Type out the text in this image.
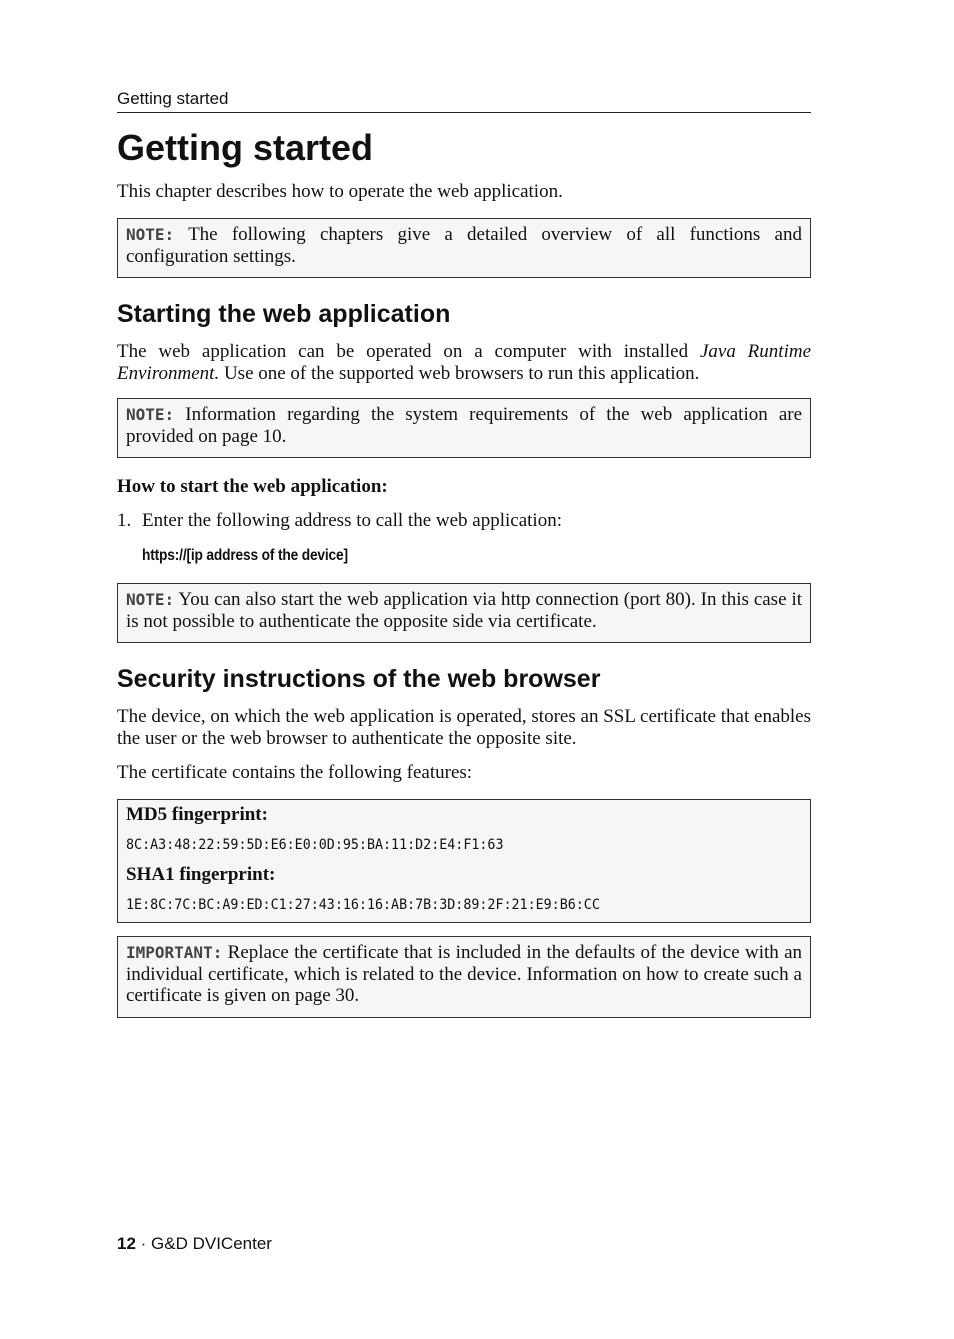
Getting started
Getting started

This chapter describes how to operate the web application.

NOTE: The following chapters give a detailed overview of all functions and configuration settings.
Starting the web application

The web application can be operated on a computer with installed Java Runtime Environment. Use one of the supported web browsers to run this application.

NOTE: Information regarding the system requirements of the web application are provided on page 10.

How to start the web application:

1. Enter the following address to call the web application:
https://[ip address of the device]
NOTE: You can also start the web application via http connection (port 80). In this case it is not possible to authenticate the opposite side via certificate.
Security instructions of the web browser

The device, on which the web application is operated, stores an SSL certificate that enables the user or the web browser to authenticate the opposite site.

The certificate contains the following features:

MD5 fingerprint:
8C:A3:48:22:59:5D:E6:E0:0D:95:BA:11:D2:E4:F1:63
SHA1 fingerprint:
1E:8C:7C:BC:A9:ED:C1:27:43:16:16:AB:7B:3D:89:2F:21:E9:B6:CC
IMPORTANT: Replace the certificate that is included in the defaults of the device with an individual certificate, which is related to the device. Information on how to create such a certificate is given on page 30.
12 · G&D DVICenter
